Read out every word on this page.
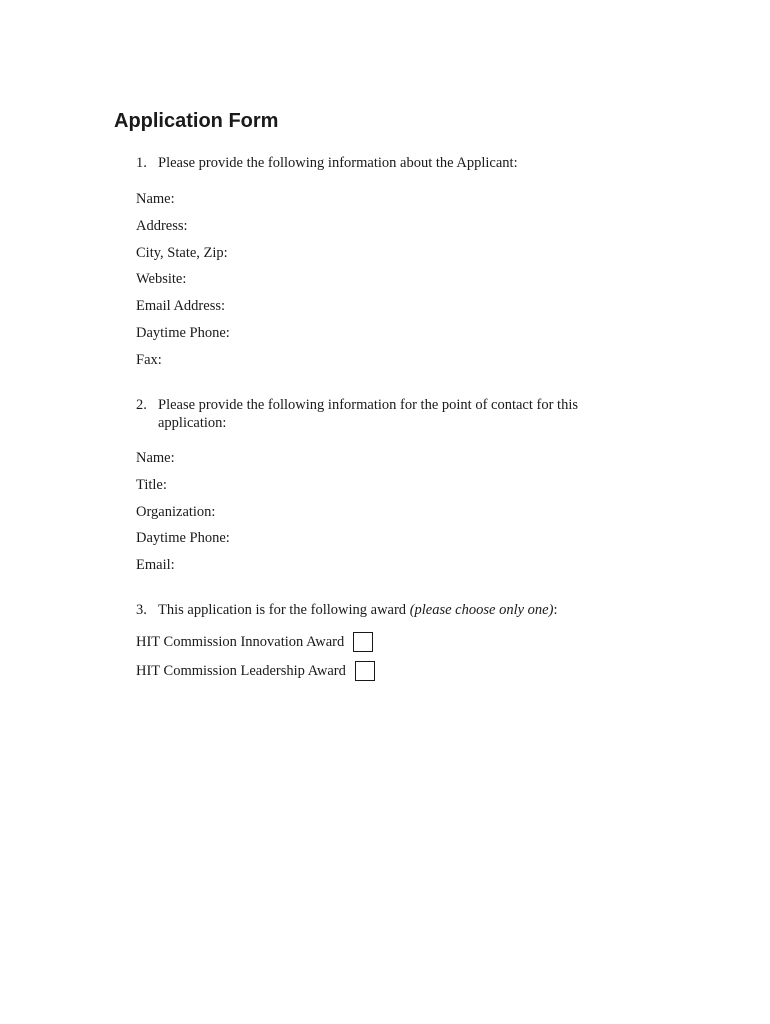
Application Form
1. Please provide the following information about the Applicant:
Name:
Address:
City, State, Zip:
Website:
Email Address:
Daytime Phone:
Fax:
2. Please provide the following information for the point of contact for this application:
Name:
Title:
Organization:
Daytime Phone:
Email:
3. This application is for the following award (please choose only one):
HIT Commission Innovation Award
HIT Commission Leadership Award
